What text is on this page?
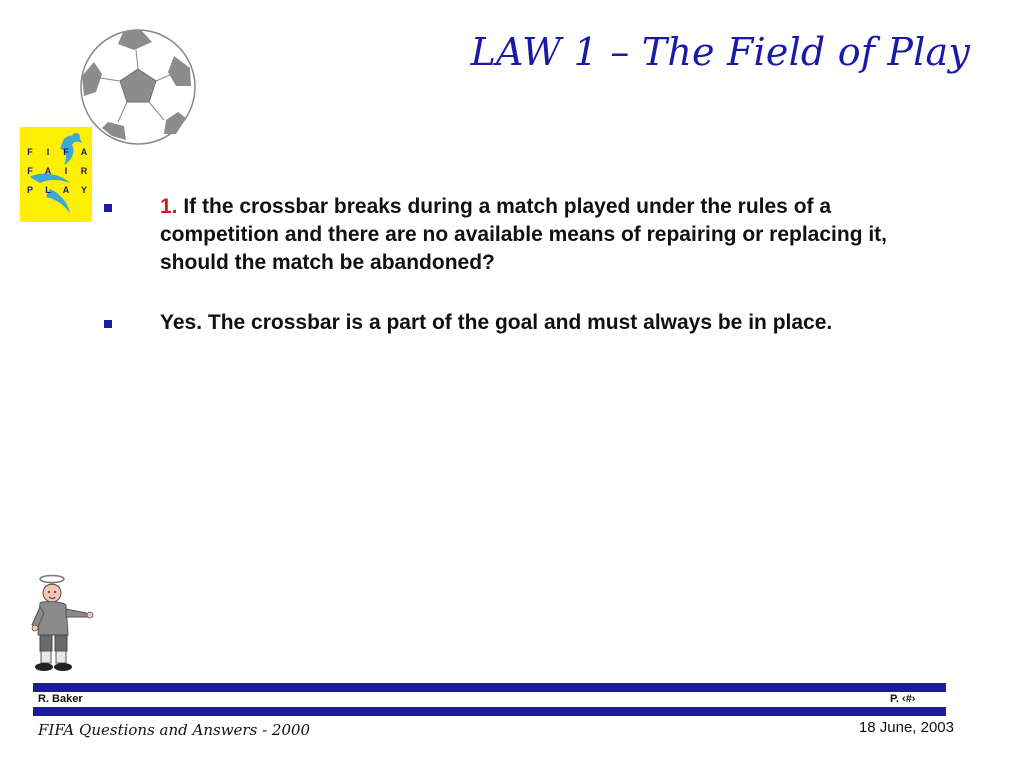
LAW 1 – The Field of Play
F I F A
F A I R
P L A Y
1. If the crossbar breaks during a match played under the rules of a competition and there are no available means of repairing or replacing it, should the match be abandoned?
Yes. The crossbar is a part of the goal and must always be in place.
R. Baker	P. ‹#›
FIFA Questions and Answers - 2000	18 June, 2003
